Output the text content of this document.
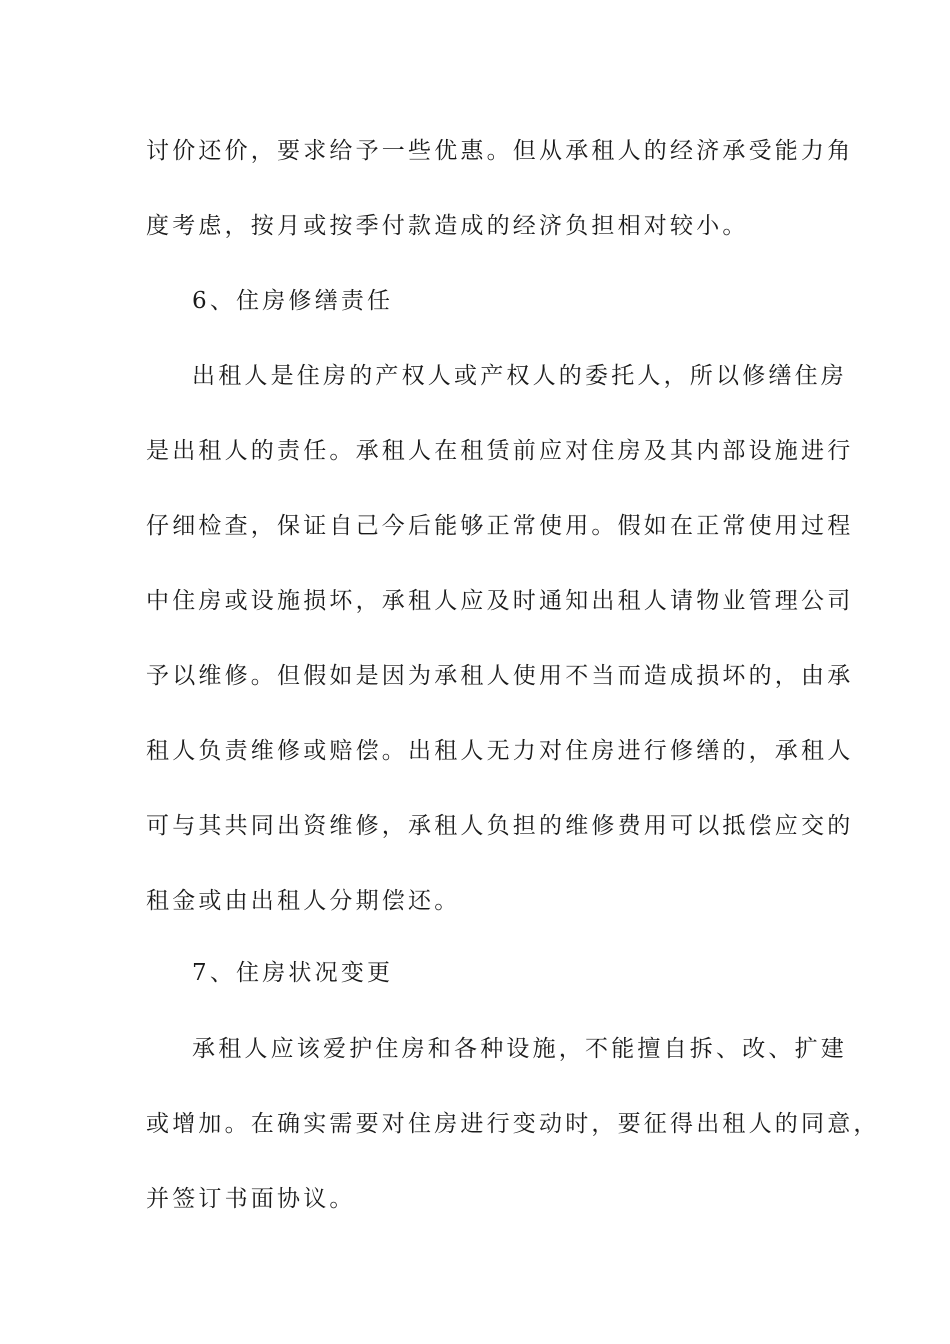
讨价还价，要求给予一些优惠。但从承租人的经济承受能力角

度考虑，按月或按季付款造成的经济负担相对较小。

6、住房修缮责任

出租人是住房的产权人或产权人的委托人，所以修缮住房

是出租人的责任。承租人在租赁前应对住房及其内部设施进行

仔细检查，保证自己今后能够正常使用。假如在正常使用过程

中住房或设施损坏，承租人应及时通知出租人请物业管理公司

予以维修。但假如是因为承租人使用不当而造成损坏的，由承

租人负责维修或赔偿。出租人无力对住房进行修缮的，承租人

可与其共同出资维修，承租人负担的维修费用可以抵偿应交的

租金或由出租人分期偿还。

7、住房状况变更

承租人应该爱护住房和各种设施，不能擅自拆、改、扩建

或增加。在确实需要对住房进行变动时，要征得出租人的同意，

并签订书面协议。
